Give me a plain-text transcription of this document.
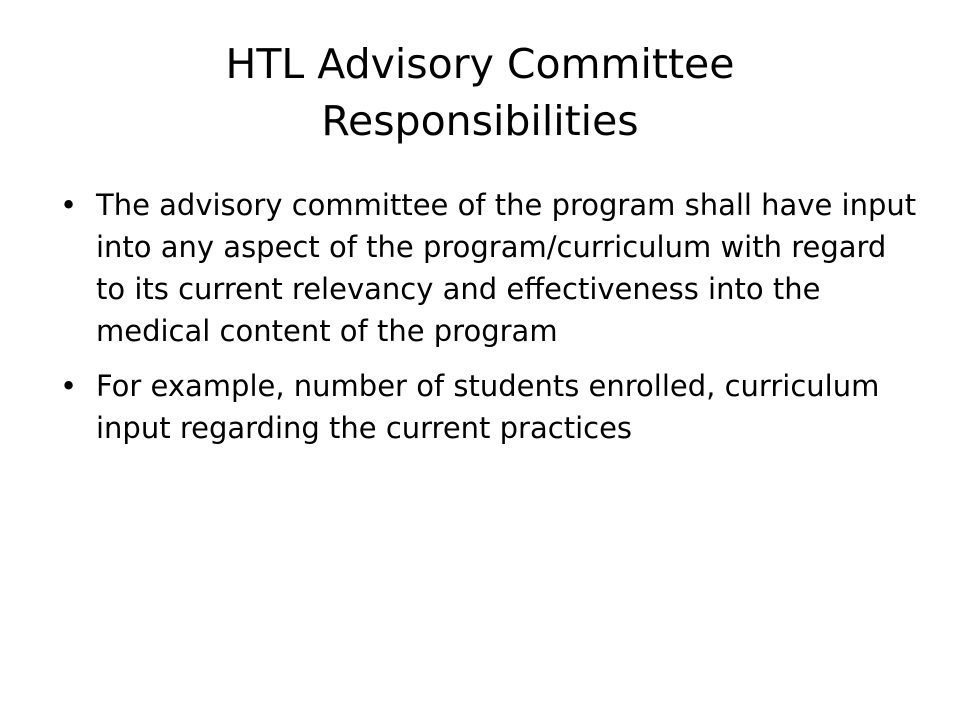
HTL Advisory Committee
Responsibilities
• The advisory committee of the program shall have input into any aspect of the program/curriculum with regard to its current relevancy and effectiveness into the medical content of the program
• For example, number of students enrolled, curriculum input regarding the current practices
